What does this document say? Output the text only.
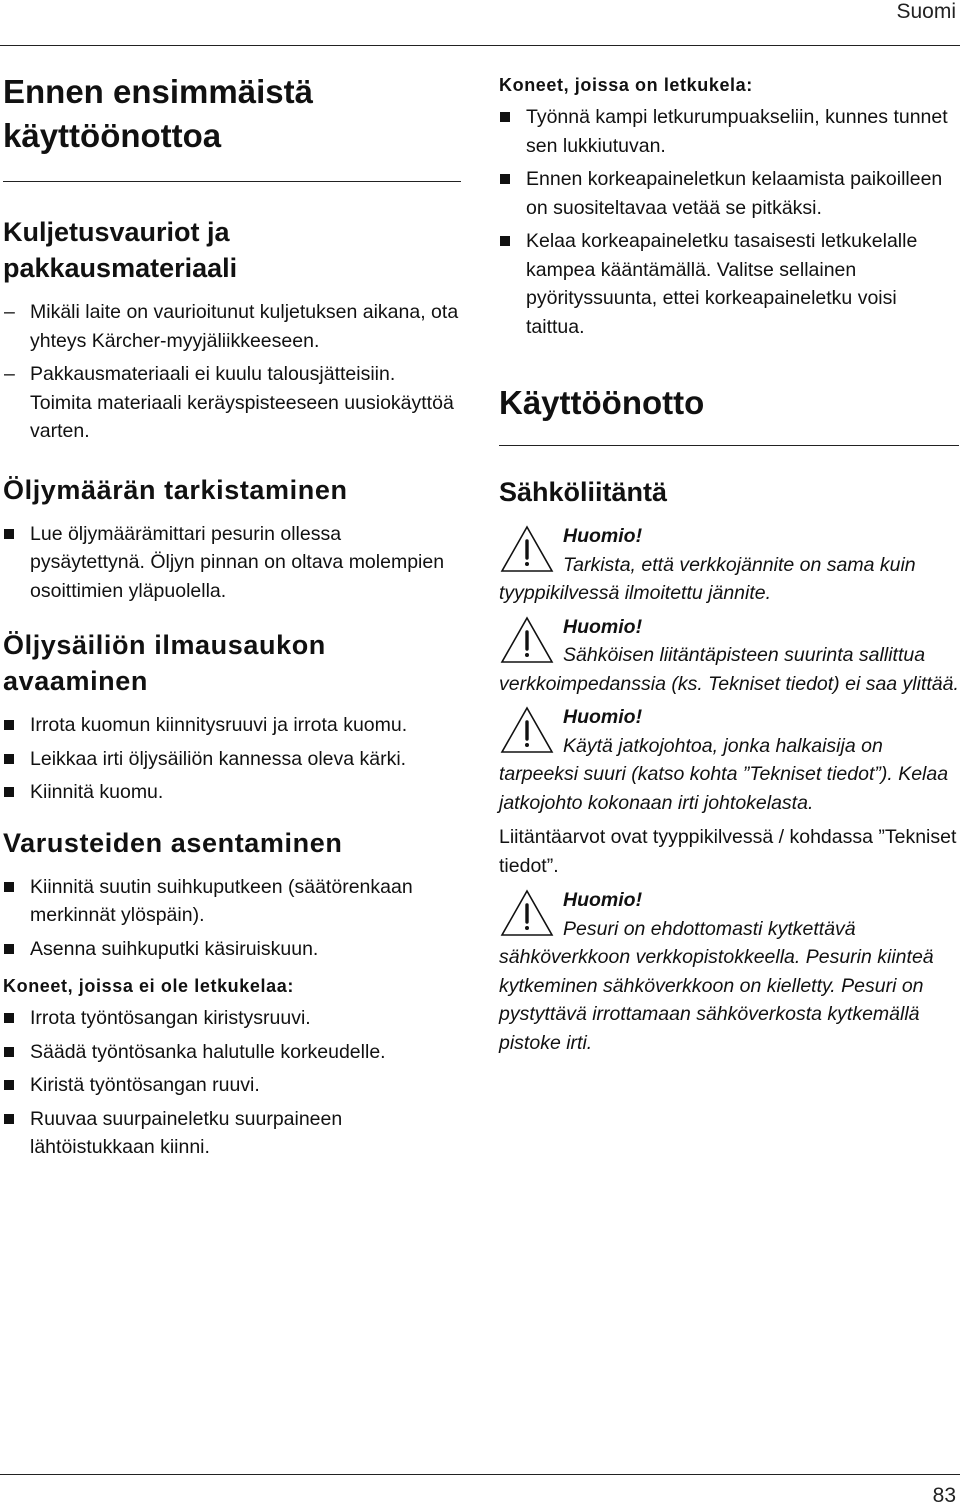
Suomi
Ennen ensimmäistä käyttöönottoa
Kuljetusvauriot ja pakkausmateriaali
– Mikäli laite on vaurioitunut kuljetuksen aikana, ota yhteys Kärcher-myyjäliikkeeseen.
– Pakkausmateriaali ei kuulu talousjätteisiin. Toimita materiaali keräyspisteeseen uusiokäyttöä varten.
Öljymäärän tarkistaminen
Lue öljymäärämittari pesurin ollessa pysäytettynä. Öljyn pinnan on oltava molempien osoittimien yläpuolella.
Öljysäiliön ilmausaukon avaaminen
Irrota kuomun kiinnitysruuvi ja irrota kuomu.
Leikkaa irti öljysäiliön kannessa oleva kärki.
Kiinnitä kuomu.
Varusteiden asentaminen
Kiinnitä suutin suihkuputkeen (säätörenkaan merkinnät ylöspäin).
Asenna suihkuputki käsiruiskuun.
Koneet, joissa ei ole letkukelaa:
Irrota työntösangan kiristysruuvi.
Säädä työntösanka halutulle korkeudelle.
Kiristä työntösangan ruuvi.
Ruuvaa suurpaineletku suurpaineen lähtöistukkaan kiinni.
Koneet, joissa on letkukela:
Työnnä kampi letkurumpuakseliin, kunnes tunnet sen lukkiutuvan.
Ennen korkeapaineletkun kelaamista paikoilleen on suositeltavaa vetää se pitkäksi.
Kelaa korkeapaineletku tasaisesti letkukelalle kampea kääntämällä. Valitse sellainen pyörityssuunta, ettei korkeapaineletku voisi taittua.
Käyttöönotto
Sähköliitäntä
Huomio!

Tarkista, että verkkojännite on sama kuin tyyppikilvessä ilmoitettu jännite.

Huomio!

Sähköisen liitäntäpisteen suurinta sallittua verkkoimpedanssia (ks. Tekniset tiedot) ei saa ylittää.

Huomio!

Käytä jatkojohtoa, jonka halkaisija on tarpeeksi suuri (katso kohta ”Tekniset tiedot”). Kelaa jatkojohto kokonaan irti johtokelasta.

Liitäntäarvot ovat tyyppikilvessä / kohdassa ”Tekniset tiedot”.

Huomio!

Pesuri on ehdottomasti kytkettävä sähköverkkoon verkkopistokkeella. Pesurin kiinteä kytkeminen sähköverkkoon on kielletty. Pesuri on pystyttävä irrottamaan sähköverkosta kytkemällä pistoke irti.

83
